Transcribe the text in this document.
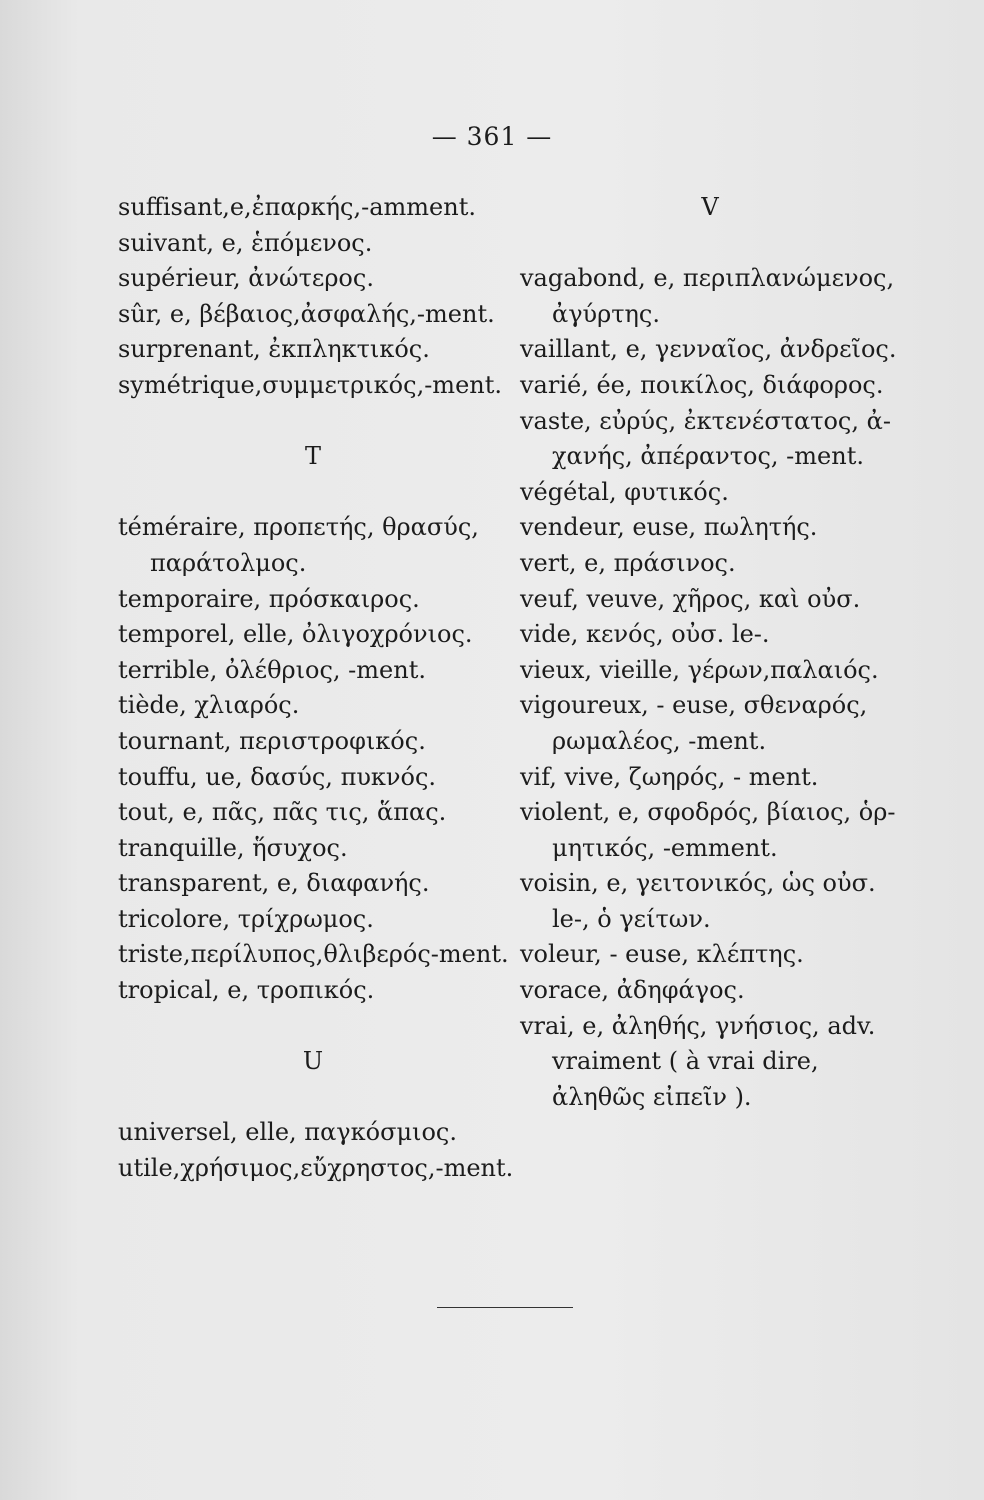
— 361 —
suffisant,e,ἐπαρκής,-amment.
suivant, e, ἑπόμενος.
supérieur, ἀνώτερος.
sûr, e, βέβαιος,ἀσφαλής,-ment.
surprenant, ἐκπληκτικός.
symétrique,συμμετρικός,-ment.
T
téméraire, προπετής, θρασύς,
παράτολμος.
temporaire, πρόσκαιρος.
temporel, elle, ὀλιγοχρόνιος.
terrible, ὀλέθριος, -ment.
tiède, χλιαρός.
tournant, περιστροφικός.
touffu, ue, δασύς, πυκνός.
tout, e, πᾶς, πᾶς τις, ἅπας.
tranquille, ἥσυχος.
transparent, e, διαφανής.
tricolore, τρίχρωμος.
triste,περίλυπος,θλιβερός-ment.
tropical, e, τροπικός.
U
universel, elle, παγκόσμιος.
utile,χρήσιμος,εὔχρηστος,-ment.
V
vagabond, e, περιπλανώμενος,
ἀγύρτης.
vaillant, e, γενναῖος, ἀνδρεῖος.
varié, ée, ποικίλος, διάφορος.
vaste, εὐρύς, ἐκτενέστατος, ἀ-
χανής, ἀπέραντος, -ment.
végétal, φυτικός.
vendeur, euse, πωλητής.
vert, e, πράσινος.
veuf, veuve, χῆρος, καὶ οὐσ.
vide, κενός, οὐσ. le-.
vieux, vieille, γέρων,παλαιός.
vigoureux, - euse, σθεναρός,
ρωμαλέος, -ment.
vif, vive, ζωηρός, - ment.
violent, e, σφοδρός, βίαιος, ὁρ-
μητικός, -emment.
voisin, e, γειτονικός, ὡς οὐσ.
le-, ὁ γείτων.
voleur, - euse, κλέπτης.
vorace, ἀδηφάγος.
vrai, e, ἀληθής, γνήσιος, adv.
vraiment ( à vrai dire,
ἀληθῶς εἰπεῖν ).
